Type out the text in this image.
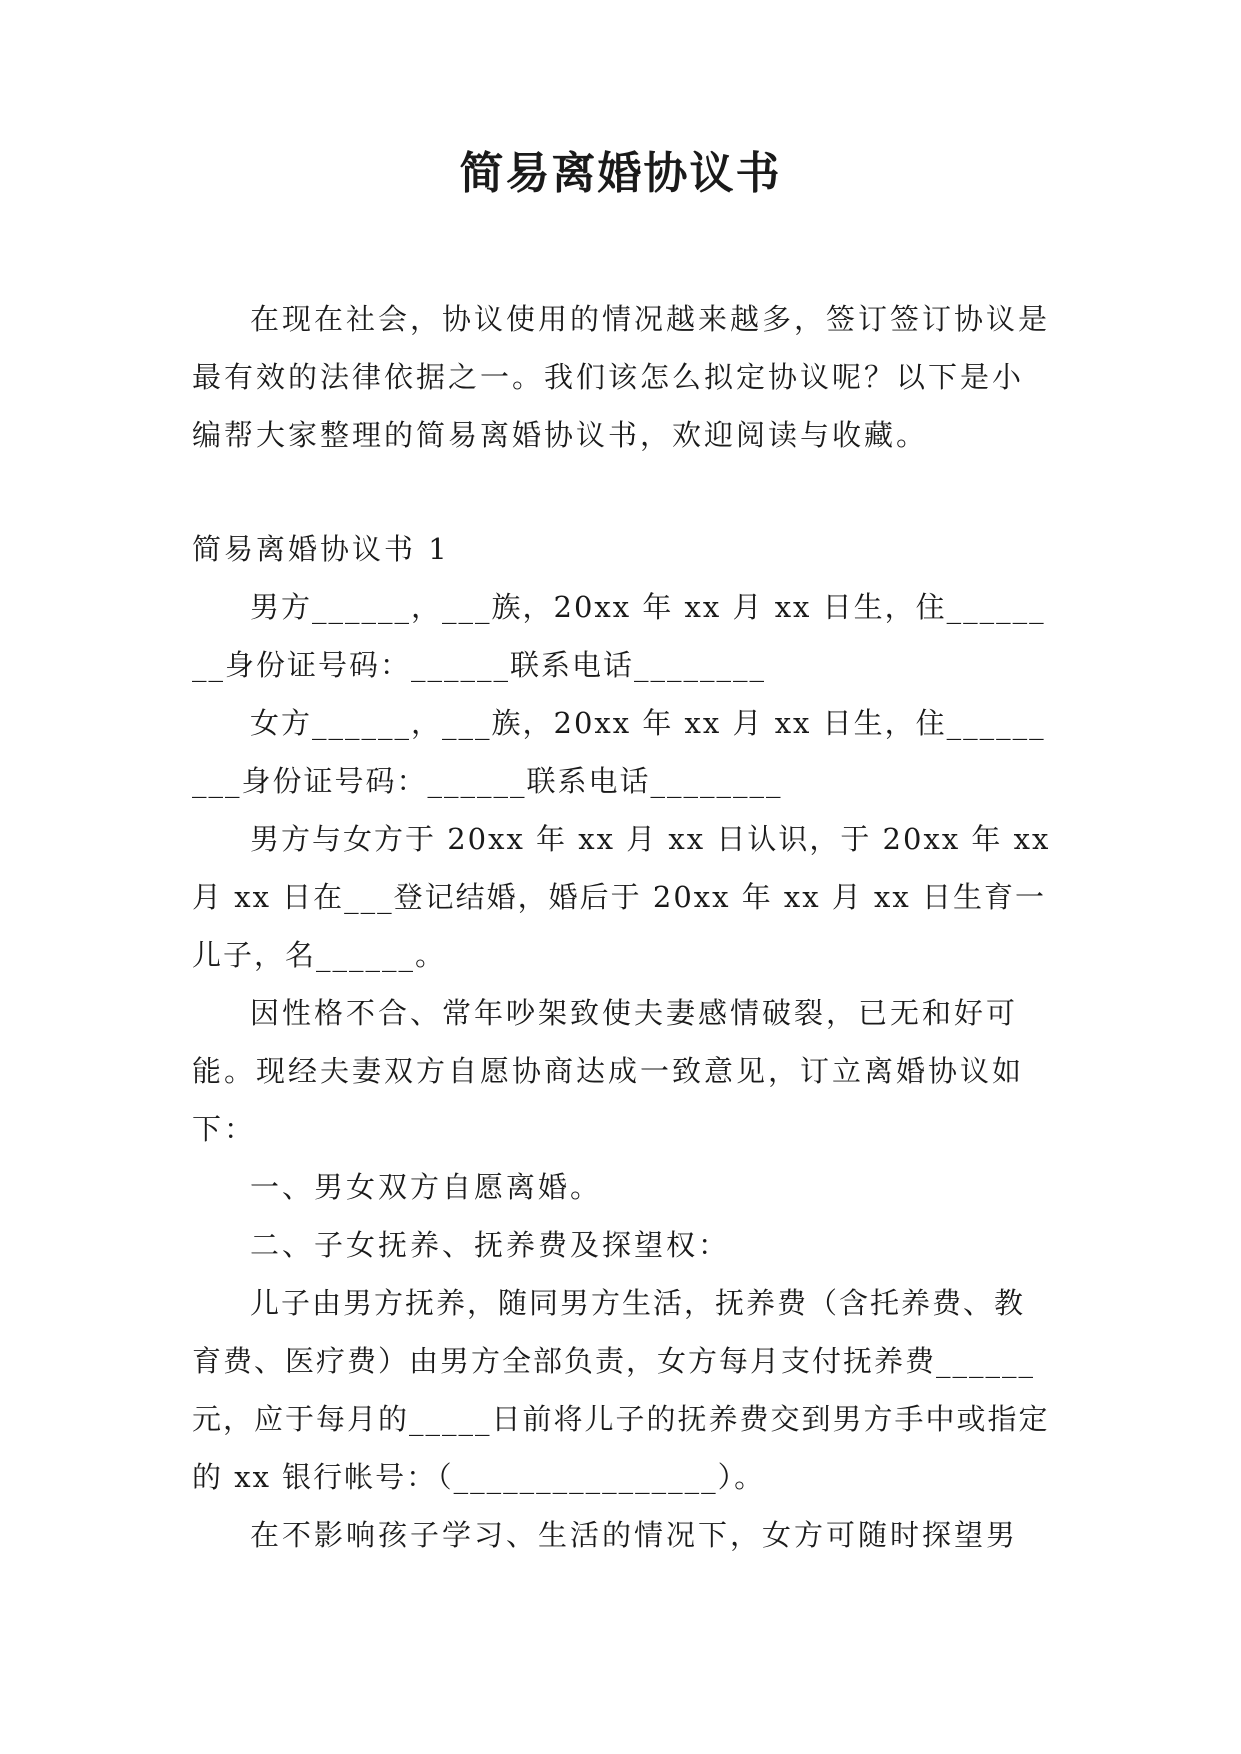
简易离婚协议书

在现在社会，协议使用的情况越来越多，签订签订协议是最有效的法律依据之一。我们该怎么拟定协议呢？以下是小编帮大家整理的简易离婚协议书，欢迎阅读与收藏。

简易离婚协议书 1

男方______，___族，20xx 年 xx 月 xx 日生，住________身份证号码：______联系电话________

女方______，___族，20xx 年 xx 月 xx 日生，住_________身份证号码：______联系电话________

男方与女方于 20xx 年 xx 月 xx 日认识，于 20xx 年 xx 月 xx 日在___登记结婚，婚后于 20xx 年 xx 月 xx 日生育一儿子，名______。

因性格不合、常年吵架致使夫妻感情破裂，已无和好可能。现经夫妻双方自愿协商达成一致意见，订立离婚协议如下：

一、男女双方自愿离婚。

二、子女抚养、抚养费及探望权：

儿子由男方抚养，随同男方生活，抚养费（含托养费、教育费、医疗费）由男方全部负责，女方每月支付抚养费______元，应于每月的_____日前将儿子的抚养费交到男方手中或指定的 xx 银行帐号：（________________）。

在不影响孩子学习、生活的情况下，女方可随时探望男
